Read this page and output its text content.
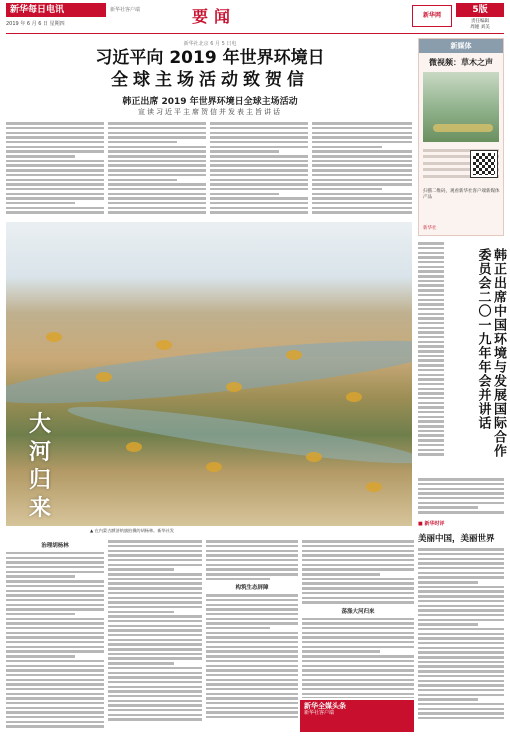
新华每日电讯
2019 年 6 月 6 日 星期四
新华社客户端	要闻	新华网
5版
责任编辑
周娅 刘美
新华社北京 6 月 5 日电
习近平向 2019 年世界环境日
全球主场活动致贺信
韩正出席 2019 年世界环境日全球主场活动
宣读习近平主席贺信并发表主旨讲话
新媒体
微视频：草木之声
扫描二维码，观看新华社客户端新媒体产品
新华社
大河归来
▲ 在内蒙古额济纳旗拍摄的胡杨林。新华社发
韩正出席中国环境与发展国际合作委员会二〇一九年年会并讲话
■ 新华时评
美丽中国，美丽世界
治理胡杨林
构筑生态屏障
荡涤大河归来
新华全媒头条
新华社客户端
